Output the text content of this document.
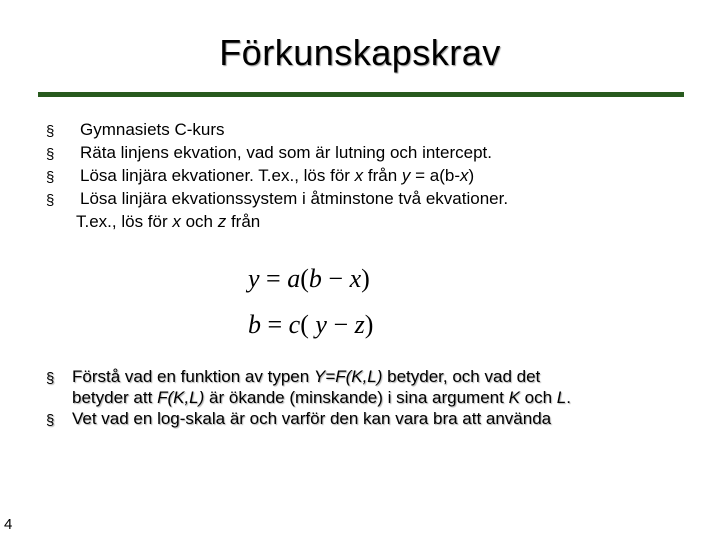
Förkunskapskrav
§ Gymnasiets C-kurs
§ Räta linjens ekvation, vad som är lutning och intercept.
§ Lösa linjära ekvationer. T.ex., lös för x från y = a(b-x)
§ Lösa linjära ekvationssystem i åtminstone två ekvationer.
T.ex., lös för x och z från
y = a(b − x)
b = c( y − z)
§ Förstå vad en funktion av typen Y=F(K,L) betyder, och vad det
betyder att F(K,L) är ökande (minskande) i sina argument K och L.
§ Vet vad en log-skala är och varför den kan vara bra att använda
4
